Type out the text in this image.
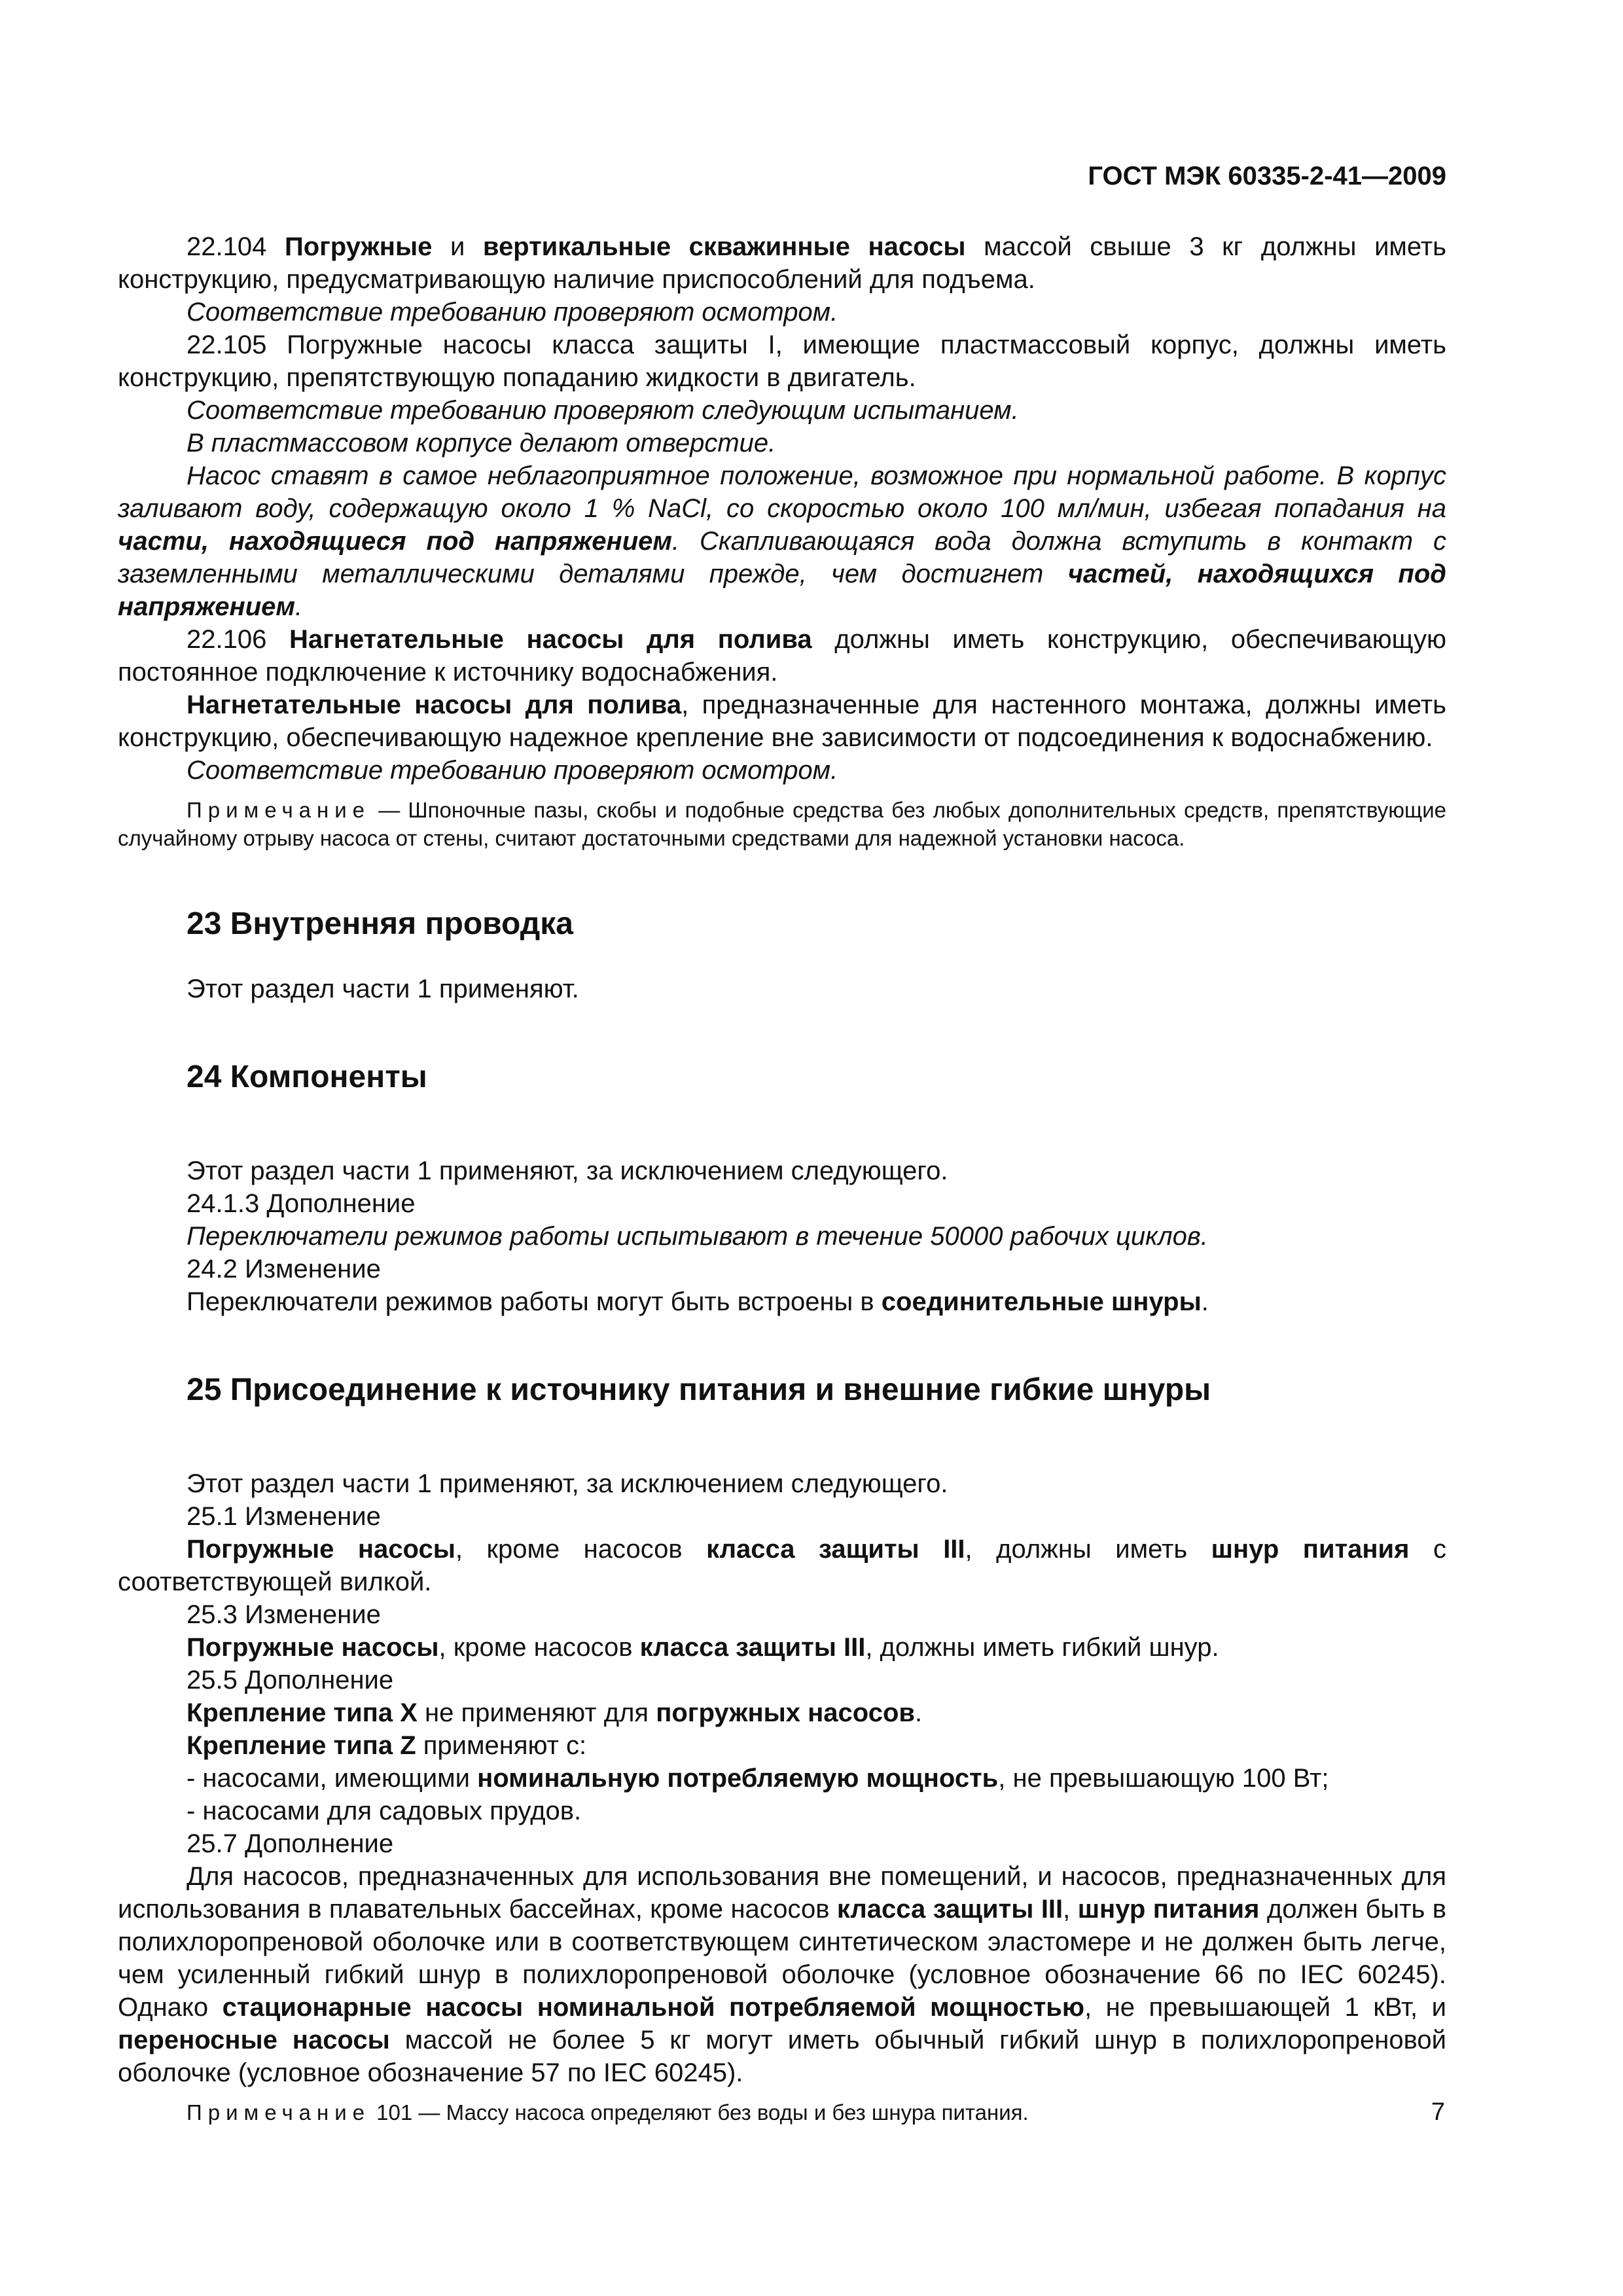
ГОСТ МЭК 60335-2-41—2009

22.104 Погружные и вертикальные скважинные насосы массой свыше 3 кг должны иметь конструкцию, предусматривающую наличие приспособлений для подъема.

Соответствие требованию проверяют осмотром.

22.105 Погружные насосы класса защиты I, имеющие пластмассовый корпус, должны иметь конструкцию, препятствующую попаданию жидкости в двигатель.

Соответствие требованию проверяют следующим испытанием.

В пластмассовом корпусе делают отверстие.

Насос ставят в самое неблагоприятное положение, возможное при нормальной работе. В корпус заливают воду, содержащую около 1 % NaCl, со скоростью около 100 мл/мин, избегая попадания на части, находящиеся под напряжением. Скапливающаяся вода должна вступить в контакт с заземленными металлическими деталями прежде, чем достигнет частей, находящихся под напряжением.

22.106 Нагнетательные насосы для полива должны иметь конструкцию, обеспечивающую постоянное подключение к источнику водоснабжения.

Нагнетательные насосы для полива, предназначенные для настенного монтажа, должны иметь конструкцию, обеспечивающую надежное крепление вне зависимости от подсоединения к водоснабжению.

Соответствие требованию проверяют осмотром.

Примечание — Шпоночные пазы, скобы и подобные средства без любых дополнительных средств, препятствующие случайному отрыву насоса от стены, считают достаточными средствами для надежной установки насоса.

23 Внутренняя проводка

Этот раздел части 1 применяют.

24 Компоненты

Этот раздел части 1 применяют, за исключением следующего.

24.1.3 Дополнение

Переключатели режимов работы испытывают в течение 50000 рабочих циклов.

24.2 Изменение

Переключатели режимов работы могут быть встроены в соединительные шнуры.

25 Присоединение к источнику питания и внешние гибкие шнуры

Этот раздел части 1 применяют, за исключением следующего.

25.1 Изменение

Погружные насосы, кроме насосов класса защиты III, должны иметь шнур питания с соответствующей вилкой.

25.3 Изменение

Погружные насосы, кроме насосов класса защиты III, должны иметь гибкий шнур.

25.5 Дополнение

Крепление типа X не применяют для погружных насосов.

Крепление типа Z применяют с:

- насосами, имеющими номинальную потребляемую мощность, не превышающую 100 Вт;

- насосами для садовых прудов.

25.7 Дополнение

Для насосов, предназначенных для использования вне помещений, и насосов, предназначенных для использования в плавательных бассейнах, кроме насосов класса защиты III, шнур питания должен быть в полихлоропреновой оболочке или в соответствующем синтетическом эластомере и не должен быть легче, чем усиленный гибкий шнур в полихлоропреновой оболочке (условное обозначение 66 по IEC 60245). Однако стационарные насосы номинальной потребляемой мощностью, не превышающей 1 кВт, и переносные насосы массой не более 5 кг могут иметь обычный гибкий шнур в полихлоропреновой оболочке (условное обозначение 57 по IEC 60245).

Примечание 101 — Массу насоса определяют без воды и без шнура питания.	7
